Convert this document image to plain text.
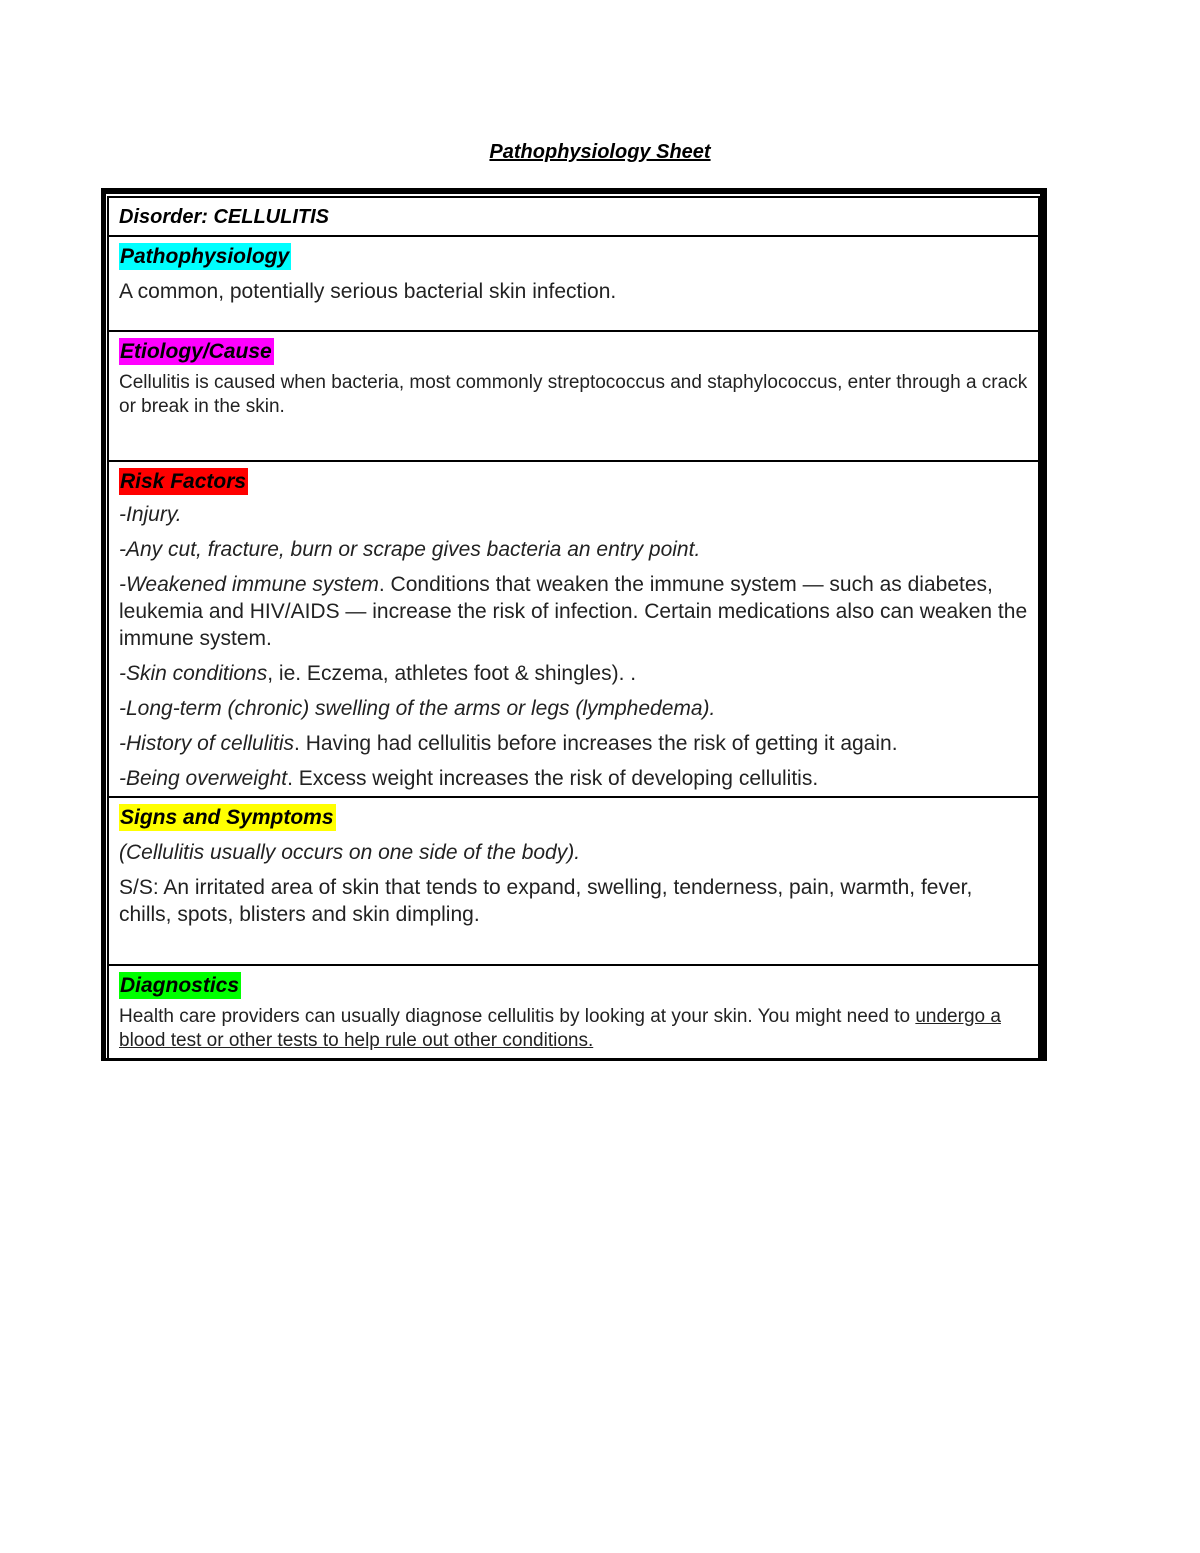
Pathophysiology Sheet
Disorder: CELLULITIS
Pathophysiology

A common, potentially serious bacterial skin infection.

Etiology/Cause

Cellulitis is caused when bacteria, most commonly streptococcus and staphylococcus, enter through a crack or break in the skin.

Risk Factors

-Injury.

-Any cut, fracture, burn or scrape gives bacteria an entry point.

-Weakened immune system. Conditions that weaken the immune system — such as diabetes, leukemia and HIV/AIDS — increase the risk of infection. Certain medications also can weaken the immune system.

-Skin conditions, ie. Eczema, athletes foot & shingles). .

-Long-term (chronic) swelling of the arms or legs (lymphedema).

-History of cellulitis. Having had cellulitis before increases the risk of getting it again.

-Being overweight. Excess weight increases the risk of developing cellulitis.

Signs and Symptoms

(Cellulitis usually occurs on one side of the body).

S/S: An irritated area of skin that tends to expand, swelling, tenderness, pain, warmth, fever, chills, spots, blisters and skin dimpling.

Diagnostics

Health care providers can usually diagnose cellulitis by looking at your skin. You might need to undergo a blood test or other tests to help rule out other conditions.
